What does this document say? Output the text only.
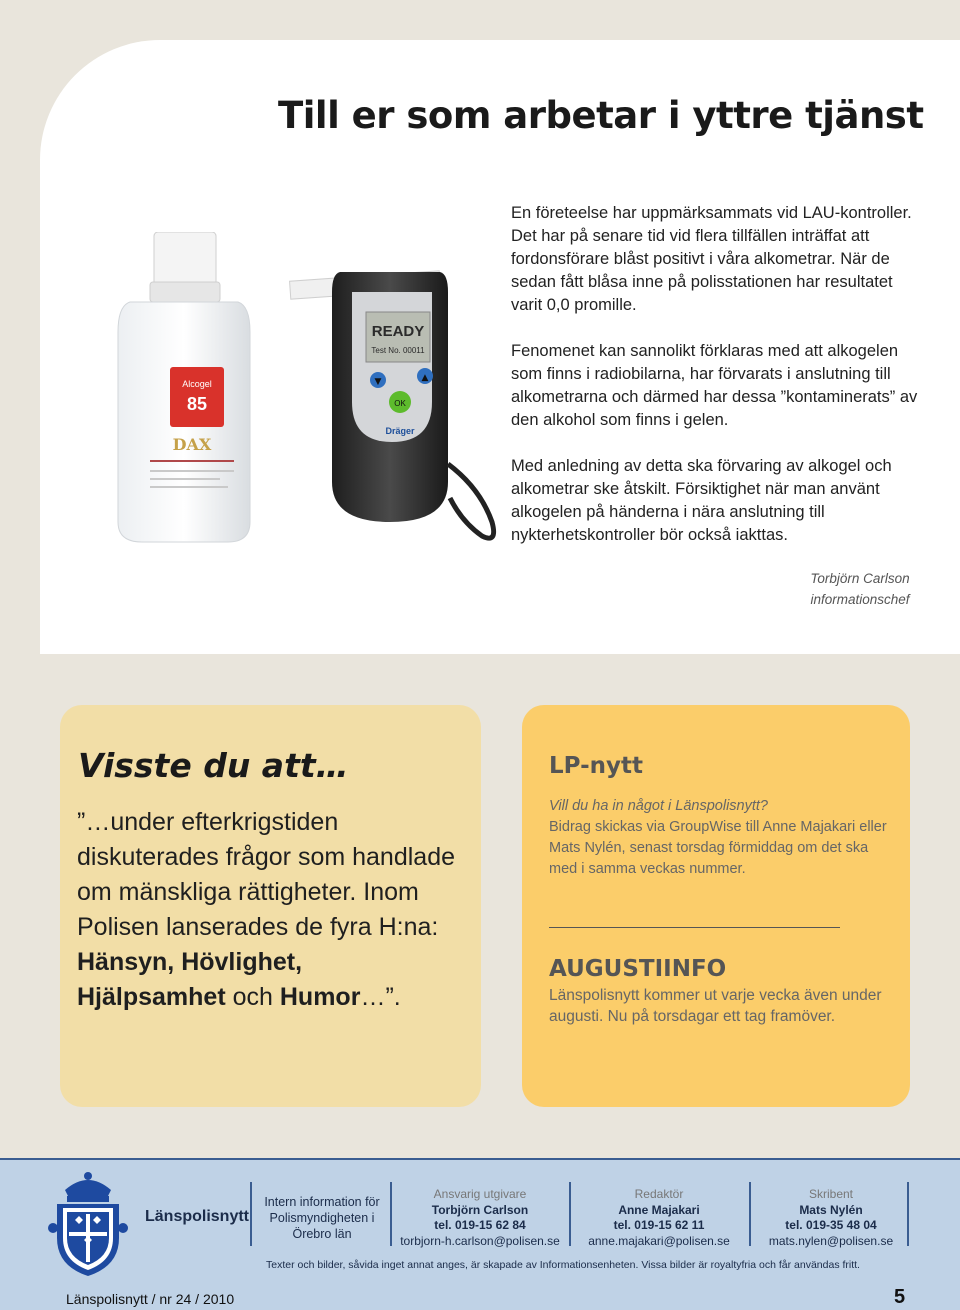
Till er som arbetar i yttre tjänst
Alcogel
85
DAX
READY
Test No. 00011
▼	▲
OK
Dräger

En företeelse har uppmärksammats vid LAU-kontroller. Det har på senare tid vid flera tillfällen inträffat att fordonsförare blåst positivt i våra alkometrar. När de sedan fått blåsa inne på polisstationen har resultatet varit 0,0 promille.

Fenomenet kan sannolikt förklaras med att alkogelen som finns i radiobilarna, har förvarats i anslutning till alkometrarna och därmed har dessa ”kontaminerats” av den alkohol som finns i gelen.

Med anledning av detta ska förvaring av alkogel och alkometrar ske åtskilt. Försiktighet när man använt alkogelen på händerna i nära anslutning till nykterhetskontroller bör också iakttas.

Torbjörn Carlson
informationschef
Visste du att…

”…under efterkrigstiden diskuterades frågor som handlade om mänskliga rättigheter. Inom Polisen lanserades de fyra H:na: Hänsyn, Hövlighet,
Hjälpsamhet och Humor…”.

LP-nytt
Vill du ha in något i Länspolisnytt?
Bidrag skickas via GroupWise till Anne Majakari eller Mats Nylén, senast torsdag förmiddag om det ska med i samma veckas nummer.
AUGUSTIINFO
Länspolisnytt kommer ut varje vecka även under augusti. Nu på torsdagar ett tag framöver.
Länspolisnytt
Intern information för Polismyndigheten i Örebro län
Ansvarig utgivare
Torbjörn Carlson
tel. 019-15 62 84
torbjorn-h.carlson@polisen.se
Redaktör
Anne Majakari
tel. 019-15 62 11
anne.majakari@polisen.se
Skribent
Mats Nylén
tel. 019-35 48 04
mats.nylen@polisen.se
Texter och bilder, såvida inget annat anges, är skapade av Informationsenheten. Vissa bilder är royaltyfria och får användas fritt.
Länspolisnytt / nr 24 / 2010	5
